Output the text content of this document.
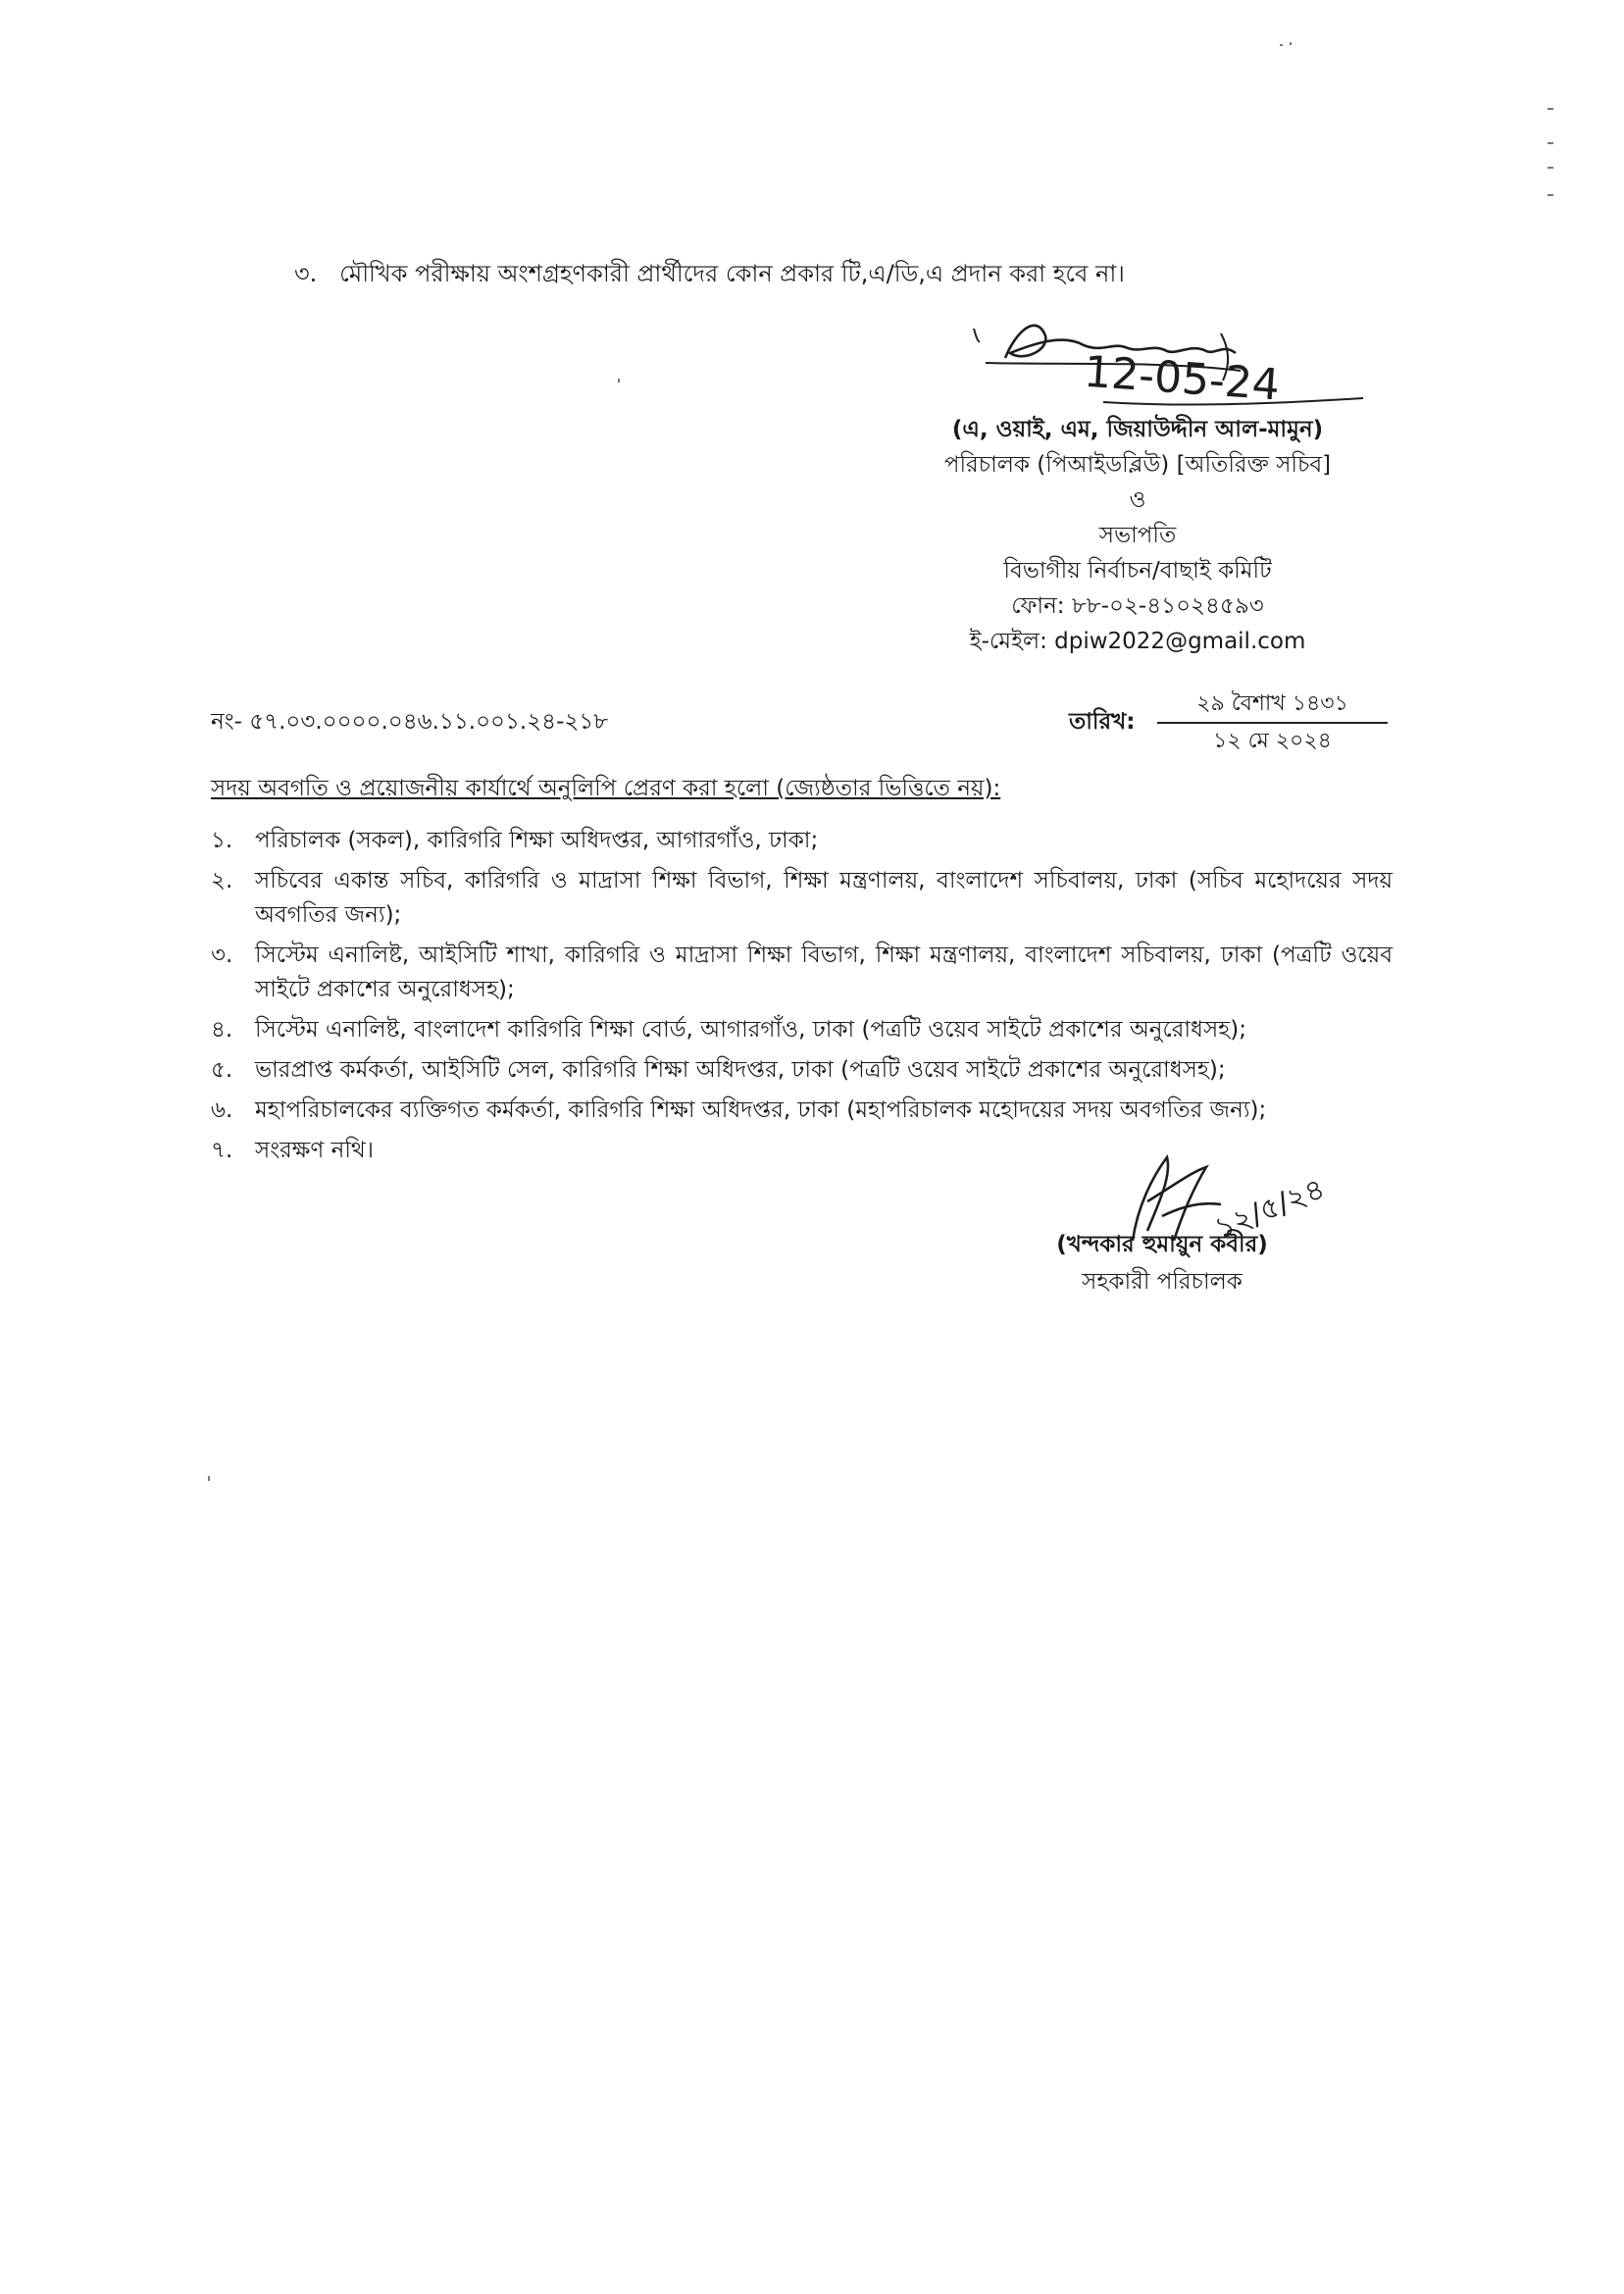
৩. মৌখিক পরীক্ষায় অংশগ্রহণকারী প্রার্থীদের কোন প্রকার টি,এ/ডি,এ প্রদান করা হবে না।
12-05-24
(এ, ওয়াই, এম, জিয়াউদ্দীন আল-মামুন)
পরিচালক (পিআইডব্লিউ) [অতিরিক্ত সচিব]
ও
সভাপতি
বিভাগীয় নির্বাচন/বাছাই কমিটি
ফোন: ৮৮-০২-৪১০২৪৫৯৩
ই-মেইল: dpiw2022@gmail.com
নং- ৫৭.০৩.০০০০.০৪৬.১১.০০১.২৪-২১৮	তারিখ:
২৯ বৈশাখ ১৪৩১
১২ মে ২০২৪
সদয় অবগতি ও প্রয়োজনীয় কার্যার্থে অনুলিপি প্রেরণ করা হলো (জ্যেষ্ঠতার ভিত্তিতে নয়):
১. পরিচালক (সকল), কারিগরি শিক্ষা অধিদপ্তর, আগারগাঁও, ঢাকা;
২. সচিবের একান্ত সচিব, কারিগরি ও মাদ্রাসা শিক্ষা বিভাগ, শিক্ষা মন্ত্রণালয়, বাংলাদেশ সচিবালয়, ঢাকা (সচিব মহোদয়ের সদয় অবগতির জন্য);
৩. সিস্টেম এনালিষ্ট, আইসিটি শাখা, কারিগরি ও মাদ্রাসা শিক্ষা বিভাগ, শিক্ষা মন্ত্রণালয়, বাংলাদেশ সচিবালয়, ঢাকা (পত্রটি ওয়েব সাইটে প্রকাশের অনুরোধসহ);
৪. সিস্টেম এনালিষ্ট, বাংলাদেশ কারিগরি শিক্ষা বোর্ড, আগারগাঁও, ঢাকা (পত্রটি ওয়েব সাইটে প্রকাশের অনুরোধসহ);
৫. ভারপ্রাপ্ত কর্মকর্তা, আইসিটি সেল, কারিগরি শিক্ষা অধিদপ্তর, ঢাকা (পত্রটি ওয়েব সাইটে প্রকাশের অনুরোধসহ);
৬. মহাপরিচালকের ব্যক্তিগত কর্মকর্তা, কারিগরি শিক্ষা অধিদপ্তর, ঢাকা (মহাপরিচালক মহোদয়ের সদয় অবগতির জন্য);
৭. সংরক্ষণ নথি।
১২/৫/২৪
(খন্দকার হুমায়ুন কবীর)
সহকারী পরিচালক
